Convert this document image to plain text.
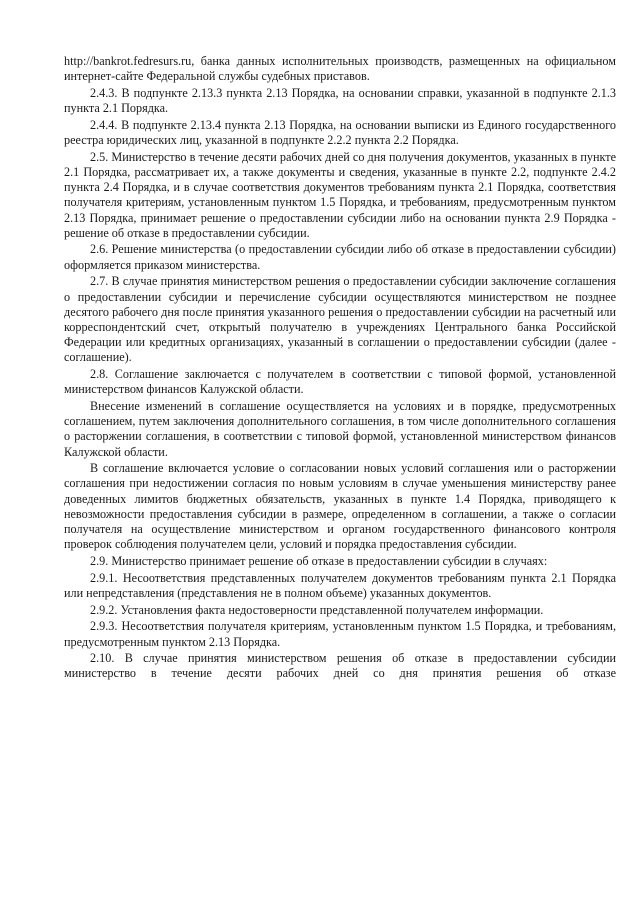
http://bankrot.fedresurs.ru, банка данных исполнительных производств, размещенных на официальном интернет-сайте Федеральной службы судебных приставов.

2.4.3. В подпункте 2.13.3 пункта 2.13 Порядка, на основании справки, указанной в подпункте 2.1.3 пункта 2.1 Порядка.

2.4.4. В подпункте 2.13.4 пункта 2.13 Порядка, на основании выписки из Единого государственного реестра юридических лиц, указанной в подпункте 2.2.2 пункта 2.2 Порядка.

2.5. Министерство в течение десяти рабочих дней со дня получения документов, указанных в пункте 2.1 Порядка, рассматривает их, а также документы и сведения, указанные в пункте 2.2, подпункте 2.4.2 пункта 2.4 Порядка, и в случае соответствия документов требованиям пункта 2.1 Порядка, соответствия получателя критериям, установленным пунктом 1.5 Порядка, и требованиям, предусмотренным пунктом 2.13 Порядка, принимает решение о предоставлении субсидии либо на основании пункта 2.9 Порядка - решение об отказе в предоставлении субсидии.

2.6. Решение министерства (о предоставлении субсидии либо об отказе в предоставлении субсидии) оформляется приказом министерства.

2.7. В случае принятия министерством решения о предоставлении субсидии заключение соглашения о предоставлении субсидии и перечисление субсидии осуществляются министерством не позднее десятого рабочего дня после принятия указанного решения о предоставлении субсидии на расчетный или корреспондентский счет, открытый получателю в учреждениях Центрального банка Российской Федерации или кредитных организациях, указанный в соглашении о предоставлении субсидии (далее - соглашение).

2.8. Соглашение заключается с получателем в соответствии с типовой формой, установленной министерством финансов Калужской области.

Внесение изменений в соглашение осуществляется на условиях и в порядке, предусмотренных соглашением, путем заключения дополнительного соглашения, в том числе дополнительного соглашения о расторжении соглашения, в соответствии с типовой формой, установленной министерством финансов Калужской области.

В соглашение включается условие о согласовании новых условий соглашения или о расторжении соглашения при недостижении согласия по новым условиям в случае уменьшения министерству ранее доведенных лимитов бюджетных обязательств, указанных в пункте 1.4 Порядка, приводящего к невозможности предоставления субсидии в размере, определенном в соглашении, а также о согласии получателя на осуществление министерством и органом государственного финансового контроля проверок соблюдения получателем цели, условий и порядка предоставления субсидии.

2.9. Министерство принимает решение об отказе в предоставлении субсидии в случаях:

2.9.1. Несоответствия представленных получателем документов требованиям пункта 2.1 Порядка или непредставления (представления не в полном объеме) указанных документов.

2.9.2. Установления факта недостоверности представленной получателем информации.

2.9.3. Несоответствия получателя критериям, установленным пунктом 1.5 Порядка, и требованиям, предусмотренным пунктом 2.13 Порядка.

2.10. В случае принятия министерством решения об отказе в предоставлении субсидии министерство в течение десяти рабочих дней со дня принятия решения об отказе
